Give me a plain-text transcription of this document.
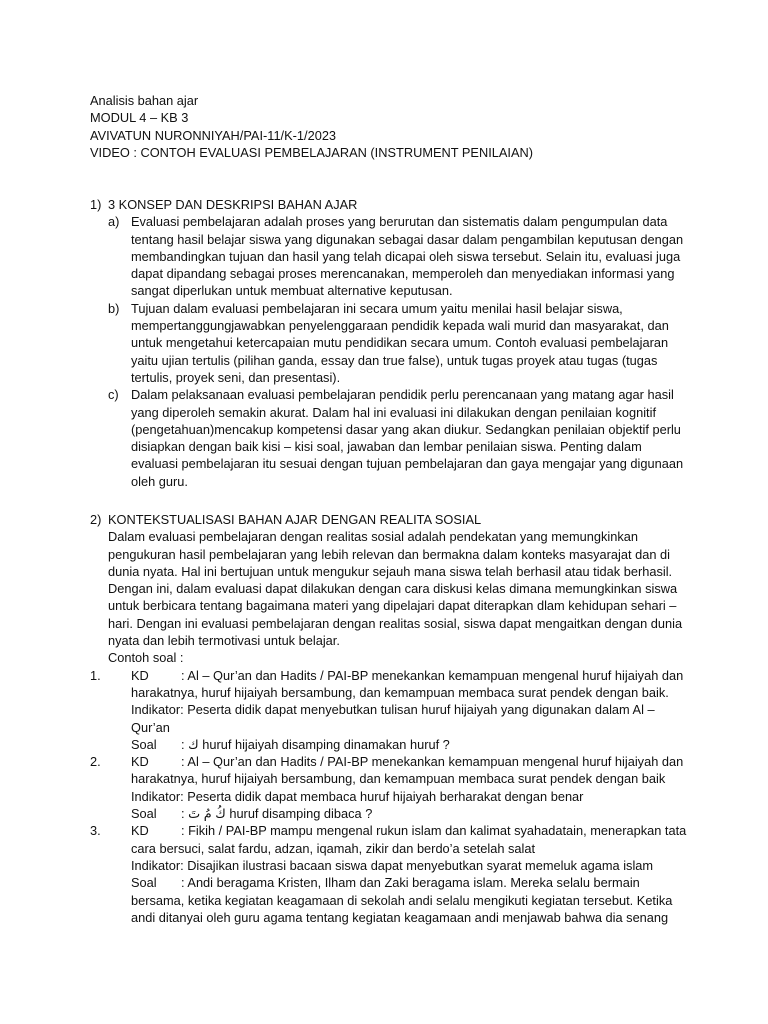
Analisis bahan ajar
MODUL 4 – KB 3
AVIVATUN NURONNIYAH/PAI-11/K-1/2023
VIDEO : CONTOH EVALUASI PEMBELAJARAN (INSTRUMENT PENILAIAN)
1) 3 KONSEP DAN DESKRIPSI BAHAN AJAR
a) Evaluasi pembelajaran adalah proses yang berurutan dan sistematis dalam pengumpulan data tentang hasil belajar siswa yang digunakan sebagai dasar dalam pengambilan keputusan dengan membandingkan tujuan dan hasil yang telah dicapai oleh siswa tersebut. Selain itu, evaluasi juga dapat dipandang sebagai proses merencanakan, memperoleh dan menyediakan informasi yang sangat diperlukan untuk membuat alternative keputusan.
b) Tujuan dalam evaluasi pembelajaran ini secara umum yaitu menilai hasil belajar siswa, mempertanggungjawabkan penyelenggaraan pendidik kepada wali murid dan masyarakat, dan untuk mengetahui ketercapaian mutu pendidikan secara umum. Contoh evaluasi pembelajaran yaitu ujian tertulis (pilihan ganda, essay dan true false), untuk tugas proyek atau tugas (tugas tertulis, proyek seni, dan presentasi).
c) Dalam pelaksanaan evaluasi pembelajaran pendidik perlu perencanaan yang matang agar hasil yang diperoleh semakin akurat. Dalam hal ini evaluasi ini dilakukan dengan penilaian kognitif (pengetahuan)mencakup kompetensi dasar yang akan diukur. Sedangkan penilaian objektif perlu disiapkan dengan baik kisi – kisi soal, jawaban dan lembar penilaian siswa. Penting dalam evaluasi pembelajaran itu sesuai dengan tujuan pembelajaran dan gaya mengajar yang digunaan oleh guru.
2) KONTEKSTUALISASI BAHAN AJAR DENGAN REALITA SOSIAL
Dalam evaluasi pembelajaran dengan realitas sosial adalah pendekatan yang memungkinkan pengukuran hasil pembelajaran yang lebih relevan dan bermakna dalam konteks masyarajat dan di dunia nyata. Hal ini bertujuan untuk mengukur sejauh mana siswa telah berhasil atau tidak berhasil. Dengan ini, dalam evaluasi dapat dilakukan dengan cara diskusi kelas dimana memungkinkan siswa untuk berbicara tentang bagaimana materi yang dipelajari dapat diterapkan dlam kehidupan sehari – hari. Dengan ini evaluasi pembelajaran dengan realitas sosial, siswa dapat mengaitkan dengan dunia nyata dan lebih termotivasi untuk belajar.
Contoh soal :
1. KD	: Al – Qur’an dan Hadits / PAI-BP menekankan kemampuan mengenal huruf hijaiyah dan harakatnya, huruf hijaiyah bersambung, dan kemampuan membaca surat pendek dengan baik.
Indikator: Peserta didik dapat menyebutkan tulisan huruf hijaiyah yang digunakan dalam Al – Qur’an
Soal : ك huruf hijaiyah disamping dinamakan huruf ?
2. KD	: Al – Qur’an dan Hadits / PAI-BP menekankan kemampuan mengenal huruf hijaiyah dan harakatnya, huruf hijaiyah bersambung, dan kemampuan membaca surat pendek dengan baik
Indikator: Peserta didik dapat membaca huruf hijaiyah berharakat dengan benar
Soal : كُ مُ تَ huruf disamping dibaca ?
3. KD	: Fikih / PAI-BP mampu mengenal rukun islam dan kalimat syahadatain, menerapkan tata cara bersuci, salat fardu, adzan, iqamah, zikir dan berdo’a setelah salat
Indikator: Disajikan ilustrasi bacaan siswa dapat menyebutkan syarat memeluk agama islam
Soal : Andi beragama Kristen, Ilham dan Zaki beragama islam. Mereka selalu bermain bersama, ketika kegiatan keagamaan di sekolah andi selalu mengikuti kegiatan tersebut. Ketika andi ditanyai oleh guru agama tentang kegiatan keagamaan andi menjawab bahwa dia senang
